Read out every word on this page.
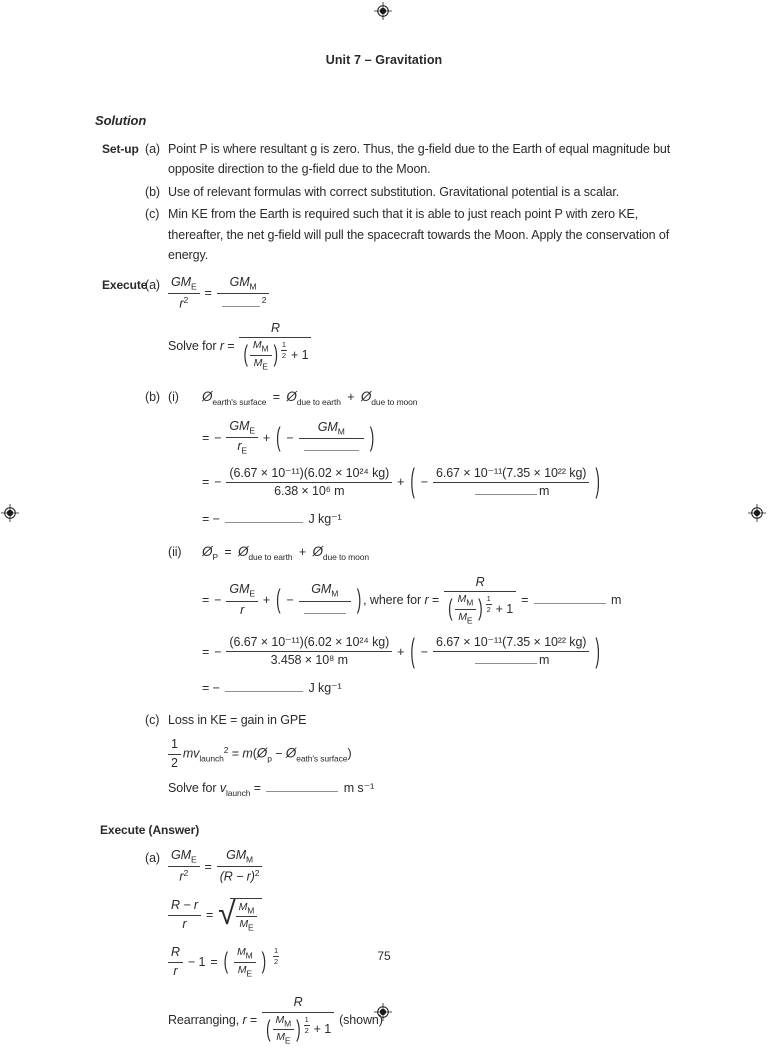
Unit 7 – Gravitation
Solution
Set-up (a) Point P is where resultant g is zero. Thus, the g-field due to the Earth of equal magnitude but opposite direction to the g-field due to the Moon.
(b) Use of relevant formulas with correct substitution. Gravitational potential is a scalar.
(c) Min KE from the Earth is required such that it is able to just reach point P with zero KE, thereafter, the net g-field will pull the spacecraft towards the Moon. Apply the conservation of energy.
Execute
$(a) \frac{GM_E}{r^2} = \frac{GM_M}{^2}$
Solve for r =
R
( $\frac{M_M}{M_E}$ ) 1
2 + 1
(b) (i)	$Ø_{earth's surface}$ = $Ø_{due to earth}$ + $Ø_{due to moon}$
= − $\frac{GM_E}{r_E}$ + ( −
$GM_M$	)
= − $\frac{\text{(6.67 × 10⁻¹¹)(6.02 × 10²⁴ kg)}}{\text{6.38 × 10⁶ m}}$ + ( − $\frac{\text{6.67 × 10⁻¹¹(7.35 × 10²² kg)}}{m}$ )
= −	J kg⁻¹
(ii)	$Ø_P$ = $Ø_{due to earth}$ + $Ø_{due to moon}$
= − $\frac{GM_E}{r}$ + ( −
$GM_M$	) , where for r =
R
( $\frac{M_M}{M_E}$ ) 1
2 + 1
=	m
= − $\frac{\text{(6.67 × 10⁻¹¹)(6.02 × 10²⁴ kg)}}{\text{3.458 × 10⁸ m}}$ + ( − $\frac{\text{6.67 × 10⁻¹¹(7.35 × 10²² kg)}}{m}$ )
= −	J kg⁻¹
(c) Loss in KE = gain in GPE
$\frac{1}{2} mv_{launch}^2$ = $m(Ø_p$ − $Ø_{eath's surface}$)
Solve for $v_{launch}$ =	m s⁻¹
Execute (Answer)
$(a) \frac{GM_E}{r^2} = \frac{GM_M}{(R - r)^2}$
$\frac{R - r}{r}$ = √ $\frac{M_M}{M_E}$
$\frac{R}{r} - 1$ = ( $\frac{M_M}{M_E}$ ) 1
2
Rearranging, r =
R
( $\frac{M_M}{M_E}$ ) 1
2 + 1
(shown)
75
